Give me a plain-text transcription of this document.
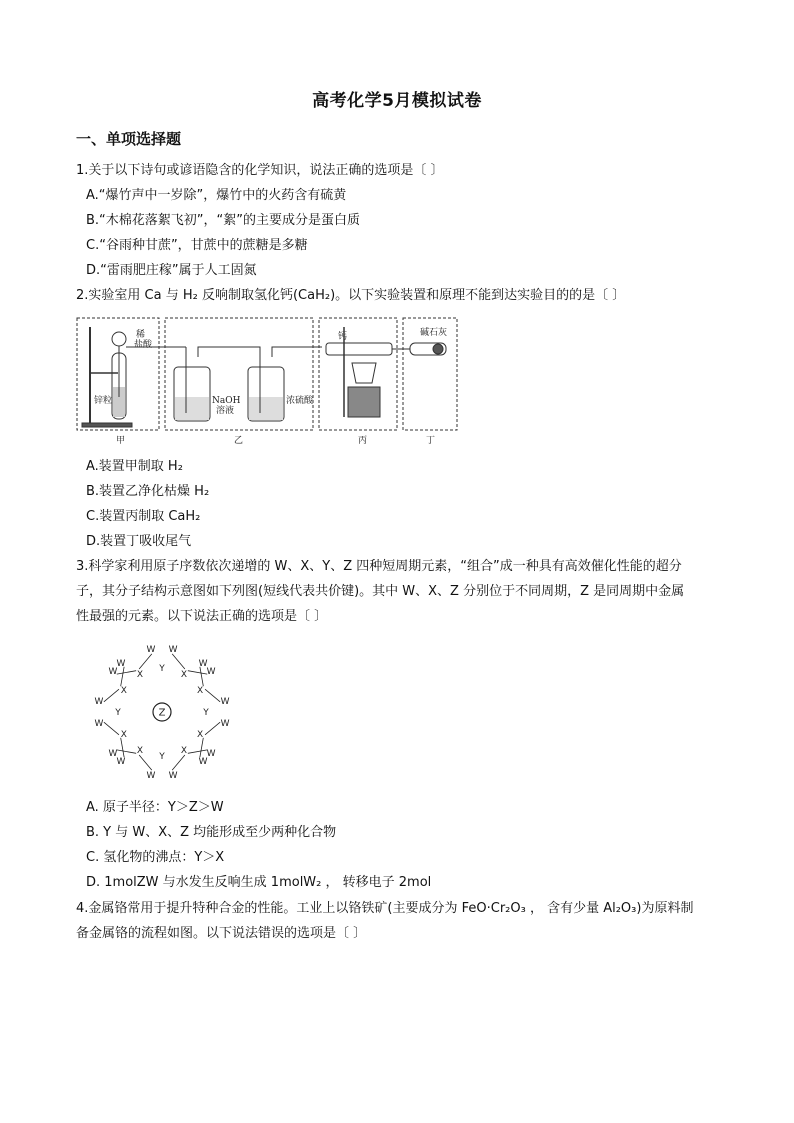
高考化学5月模拟试卷
一、单项选择题
1.关于以下诗句或谚语隐含的化学知识，说法正确的选项是〔 〕
A.“爆竹声中一岁除”，爆竹中的火药含有硫黄
B.“木棉花落絮飞初”，“絮”的主要成分是蛋白质
C.“谷雨种甘蔗”，甘蔗中的蔗糖是多糖
D.“雷雨肥庄稼”属于人工固氮
2.实验室用 Ca 与 H₂ 反响制取氢化钙(CaH₂)。以下实验装置和原理不能到达实验目的的是〔 〕
稀
盐酸
锌粒
甲
NaOH
溶液
浓硫酸
乙
钙
丙
碱石灰
丁
A.装置甲制取 H₂
B.装置乙净化枯燥 H₂
C.装置丙制取 CaH₂
D.装置丁吸收尾气
3.科学家利用原子序数依次递增的 W、X、Y、Z 四种短周期元素，“组合”成一种具有高效催化性能的超分
子，其分子结构示意图如下列图(短线代表共价键)。其中 W、X、Z 分别位于不同周期，Z 是同周期中金属
性最强的元素。以下说法正确的选项是〔 〕
Z
Y
X
W
W
X
W
W
Y
X
W
W
X W
W
Y
X
W
W
X
W
W
Y
X
W
W
X
W
W
A. 原子半径：Y＞Z＞W
B. Y 与 W、X、Z 均能形成至少两种化合物
C. 氢化物的沸点：Y＞X
D. 1molZW 与水发生反响生成 1molW₂ ， 转移电子 2mol
4.金属铬常用于提升特种合金的性能。工业上以铬铁矿(主要成分为 FeO·Cr₂O₃ ， 含有少量 Al₂O₃)为原料制
备金属铬的流程如图。以下说法错误的选项是〔 〕
